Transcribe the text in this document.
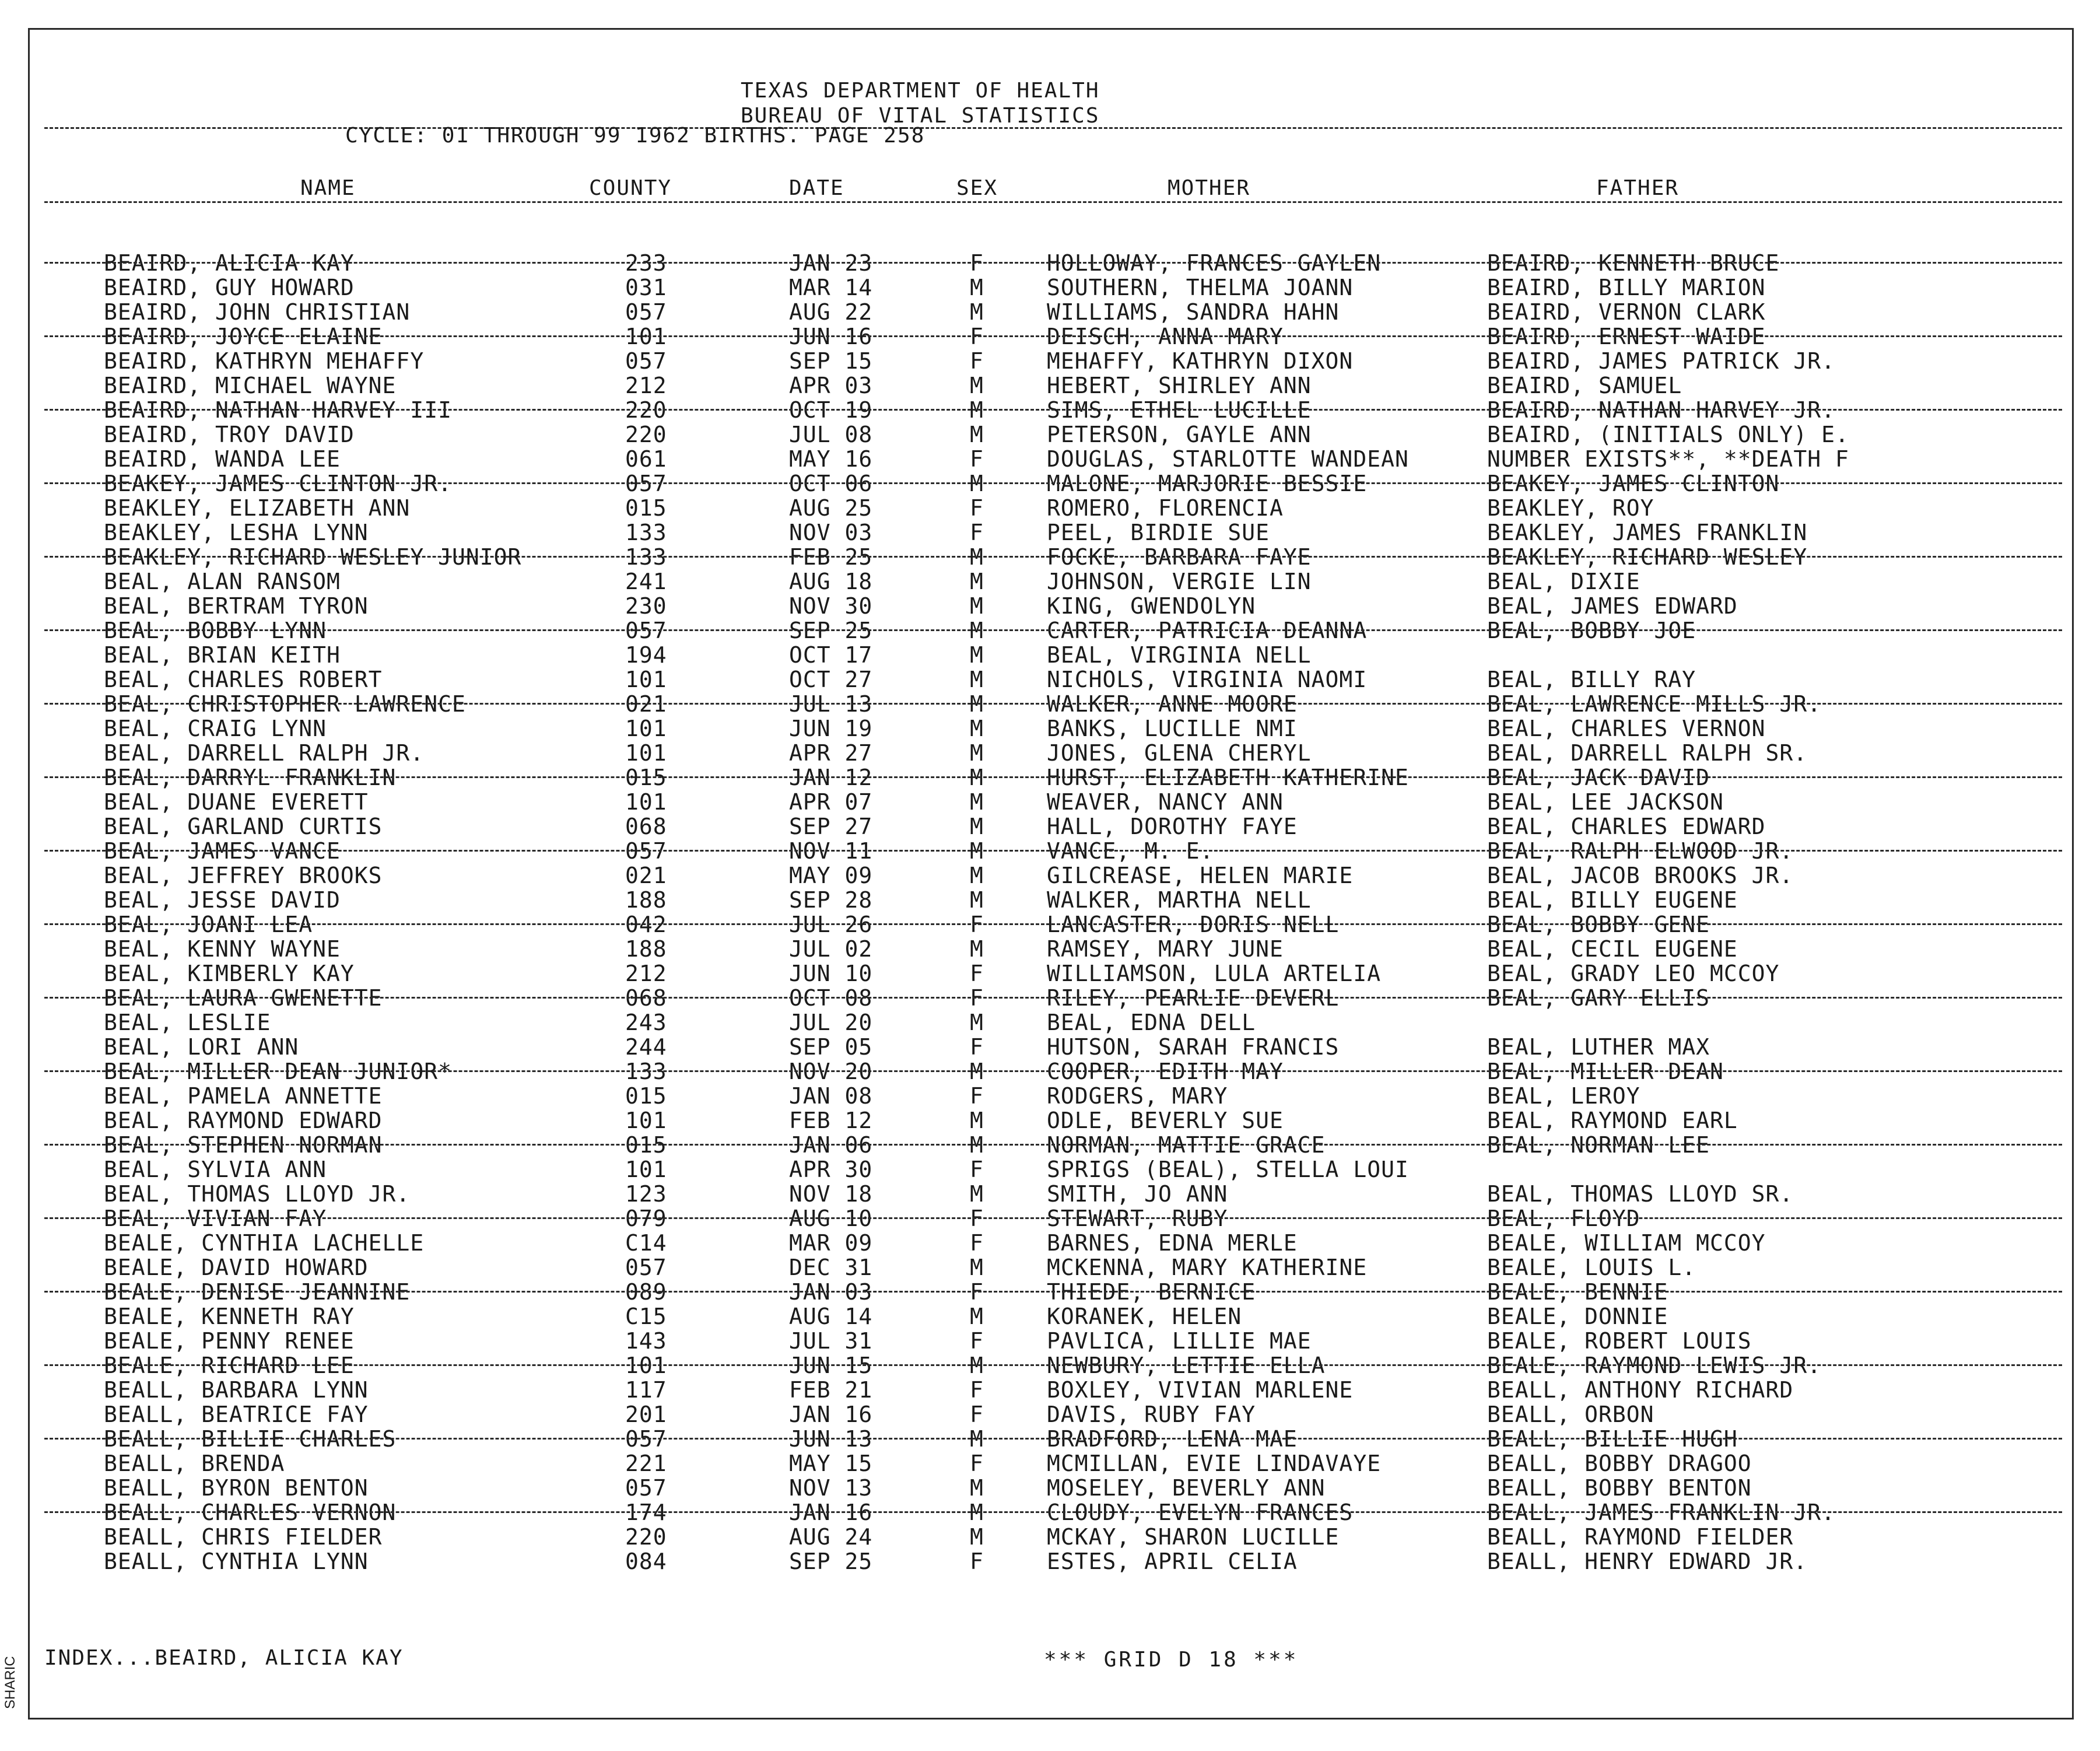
TEXAS DEPARTMENT OF HEALTH
BUREAU OF VITAL STATISTICS
CYCLE: 01 THROUGH 99 1962 BIRTHS. PAGE 258
NAME	COUNTY	DATE	SEX	MOTHER	FATHER
BEAIRD, ALICIA KAY	233	JAN 23	F	HOLLOWAY, FRANCES GAYLEN	BEAIRD, KENNETH BRUCE
BEAIRD, GUY HOWARD	031	MAR 14	M	SOUTHERN, THELMA JOANN	BEAIRD, BILLY MARION
BEAIRD, JOHN CHRISTIAN	057	AUG 22	M	WILLIAMS, SANDRA HAHN	BEAIRD, VERNON CLARK
BEAIRD, JOYCE ELAINE	101	JUN 16	F	DEISCH, ANNA MARY	BEAIRD, ERNEST WAIDE
BEAIRD, KATHRYN MEHAFFY	057	SEP 15	F	MEHAFFY, KATHRYN DIXON	BEAIRD, JAMES PATRICK JR.
BEAIRD, MICHAEL WAYNE	212	APR 03	M	HEBERT, SHIRLEY ANN	BEAIRD, SAMUEL
BEAIRD, NATHAN HARVEY III	220	OCT 19	M	SIMS, ETHEL LUCILLE	BEAIRD, NATHAN HARVEY JR.
BEAIRD, TROY DAVID	220	JUL 08	M	PETERSON, GAYLE ANN	BEAIRD, (INITIALS ONLY) E.
BEAIRD, WANDA LEE	061	MAY 16	F	DOUGLAS, STARLOTTE WANDEAN	NUMBER EXISTS**, **DEATH F
BEAKEY, JAMES CLINTON JR.	057	OCT 06	M	MALONE, MARJORIE BESSIE	BEAKEY, JAMES CLINTON
BEAKLEY, ELIZABETH ANN	015	AUG 25	F	ROMERO, FLORENCIA	BEAKLEY, ROY
BEAKLEY, LESHA LYNN	133	NOV 03	F	PEEL, BIRDIE SUE	BEAKLEY, JAMES FRANKLIN
BEAKLEY, RICHARD WESLEY JUNIOR	133	FEB 25	M	FOCKE, BARBARA FAYE	BEAKLEY, RICHARD WESLEY
BEAL, ALAN RANSOM	241	AUG 18	M	JOHNSON, VERGIE LIN	BEAL, DIXIE
BEAL, BERTRAM TYRON	230	NOV 30	M	KING, GWENDOLYN	BEAL, JAMES EDWARD
BEAL, BOBBY LYNN	057	SEP 25	M	CARTER, PATRICIA DEANNA	BEAL, BOBBY JOE
BEAL, BRIAN KEITH	194	OCT 17	M	BEAL, VIRGINIA NELL
BEAL, CHARLES ROBERT	101	OCT 27	M	NICHOLS, VIRGINIA NAOMI	BEAL, BILLY RAY
BEAL, CHRISTOPHER LAWRENCE	021	JUL 13	M	WALKER, ANNE MOORE	BEAL, LAWRENCE MILLS JR.
BEAL, CRAIG LYNN	101	JUN 19	M	BANKS, LUCILLE NMI	BEAL, CHARLES VERNON
BEAL, DARRELL RALPH JR.	101	APR 27	M	JONES, GLENA CHERYL	BEAL, DARRELL RALPH SR.
BEAL, DARRYL FRANKLIN	015	JAN 12	M	HURST, ELIZABETH KATHERINE	BEAL, JACK DAVID
BEAL, DUANE EVERETT	101	APR 07	M	WEAVER, NANCY ANN	BEAL, LEE JACKSON
BEAL, GARLAND CURTIS	068	SEP 27	M	HALL, DOROTHY FAYE	BEAL, CHARLES EDWARD
BEAL, JAMES VANCE	057	NOV 11	M	VANCE, M. E.	BEAL, RALPH ELWOOD JR.
BEAL, JEFFREY BROOKS	021	MAY 09	M	GILCREASE, HELEN MARIE	BEAL, JACOB BROOKS JR.
BEAL, JESSE DAVID	188	SEP 28	M	WALKER, MARTHA NELL	BEAL, BILLY EUGENE
BEAL, JOANI LEA	042	JUL 26	F	LANCASTER, DORIS NELL	BEAL, BOBBY GENE
BEAL, KENNY WAYNE	188	JUL 02	M	RAMSEY, MARY JUNE	BEAL, CECIL EUGENE
BEAL, KIMBERLY KAY	212	JUN 10	F	WILLIAMSON, LULA ARTELIA	BEAL, GRADY LEO MCCOY
BEAL, LAURA GWENETTE	068	OCT 08	F	RILEY, PEARLIE DEVERL	BEAL, GARY ELLIS
BEAL, LESLIE	243	JUL 20	M	BEAL, EDNA DELL
BEAL, LORI ANN	244	SEP 05	F	HUTSON, SARAH FRANCIS	BEAL, LUTHER MAX
BEAL, MILLER DEAN JUNIOR*	133	NOV 20	M	COOPER, EDITH MAY	BEAL, MILLER DEAN
BEAL, PAMELA ANNETTE	015	JAN 08	F	RODGERS, MARY	BEAL, LEROY
BEAL, RAYMOND EDWARD	101	FEB 12	M	ODLE, BEVERLY SUE	BEAL, RAYMOND EARL
BEAL, STEPHEN NORMAN	015	JAN 06	M	NORMAN, MATTIE GRACE	BEAL, NORMAN LEE
BEAL, SYLVIA ANN	101	APR 30	F	SPRIGS (BEAL), STELLA LOUI
BEAL, THOMAS LLOYD JR.	123	NOV 18	M	SMITH, JO ANN	BEAL, THOMAS LLOYD SR.
BEAL, VIVIAN FAY	079	AUG 10	F	STEWART, RUBY	BEAL, FLOYD
BEALE, CYNTHIA LACHELLE	C14	MAR 09	F	BARNES, EDNA MERLE	BEALE, WILLIAM MCCOY
BEALE, DAVID HOWARD	057	DEC 31	M	MCKENNA, MARY KATHERINE	BEALE, LOUIS L.
BEALE, DENISE JEANNINE	089	JAN 03	F	THIEDE, BERNICE	BEALE, BENNIE
BEALE, KENNETH RAY	C15	AUG 14	M	KORANEK, HELEN	BEALE, DONNIE
BEALE, PENNY RENEE	143	JUL 31	F	PAVLICA, LILLIE MAE	BEALE, ROBERT LOUIS
BEALE, RICHARD LEE	101	JUN 15	M	NEWBURY, LETTIE ELLA	BEALE, RAYMOND LEWIS JR.
BEALL, BARBARA LYNN	117	FEB 21	F	BOXLEY, VIVIAN MARLENE	BEALL, ANTHONY RICHARD
BEALL, BEATRICE FAY	201	JAN 16	F	DAVIS, RUBY FAY	BEALL, ORBON
BEALL, BILLIE CHARLES	057	JUN 13	M	BRADFORD, LENA MAE	BEALL, BILLIE HUGH
BEALL, BRENDA	221	MAY 15	F	MCMILLAN, EVIE LINDAVAYE	BEALL, BOBBY DRAGOO
BEALL, BYRON BENTON	057	NOV 13	M	MOSELEY, BEVERLY ANN	BEALL, BOBBY BENTON
BEALL, CHARLES VERNON	174	JAN 16	M	CLOUDY, EVELYN FRANCES	BEALL, JAMES FRANKLIN JR.
BEALL, CHRIS FIELDER	220	AUG 24	M	MCKAY, SHARON LUCILLE	BEALL, RAYMOND FIELDER
BEALL, CYNTHIA LYNN	084	SEP 25	F	ESTES, APRIL CELIA	BEALL, HENRY EDWARD JR.
INDEX...BEAIRD, ALICIA KAY	*** GRID D 18 ***
SHARIC
